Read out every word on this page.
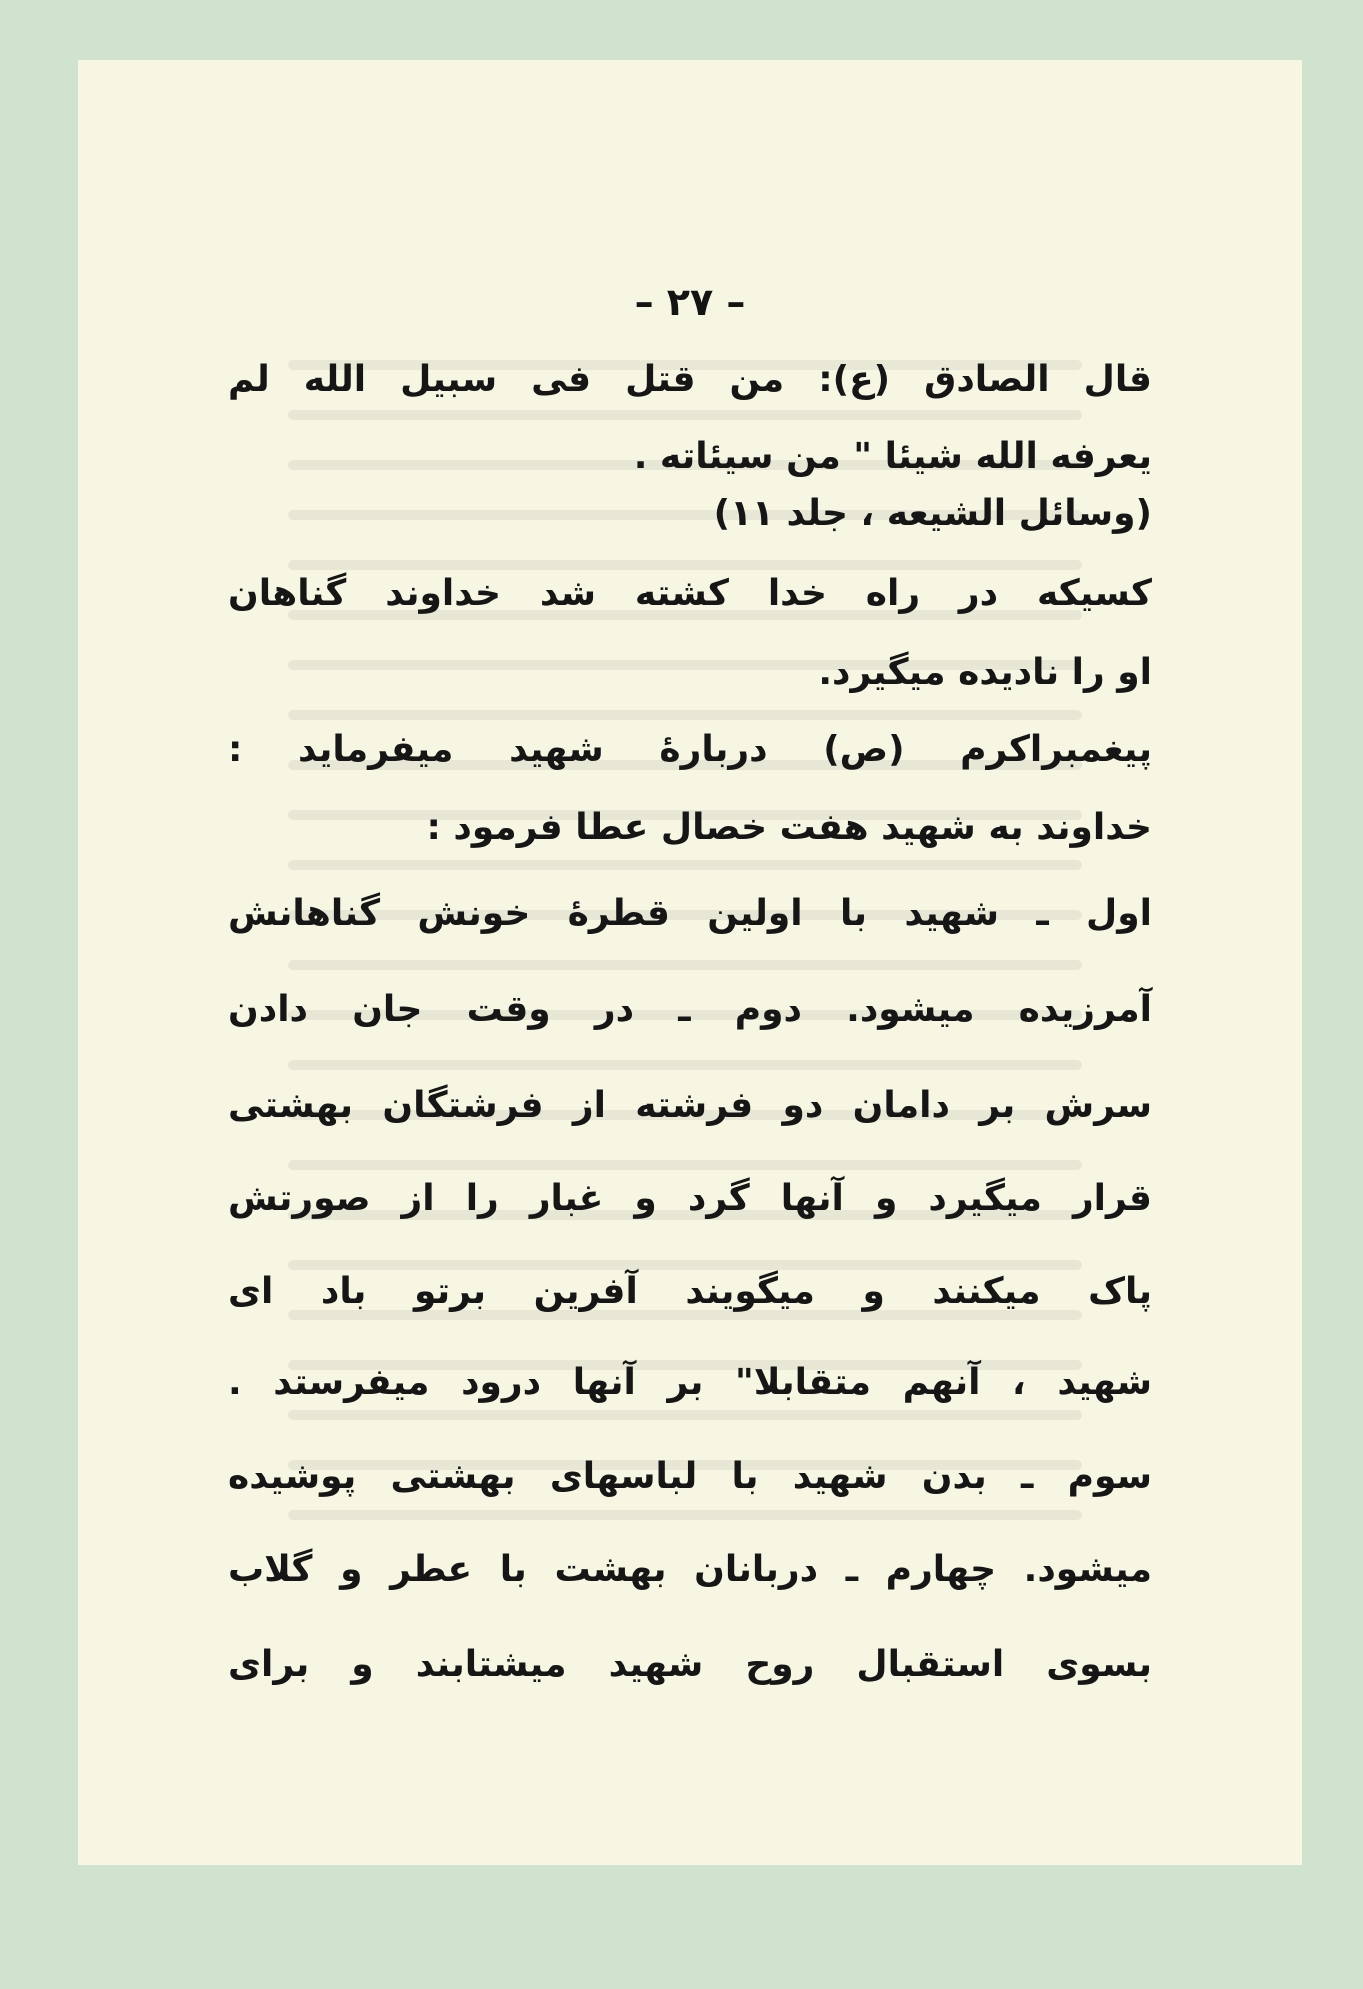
– ٢٧ –
قال الصادق (ع): من قتل فی سبیل الله لم
یعرفه الله شیئا " من سیئاته .
(وسائل الشیعه ، جلد ١١)
کسیکه در راه خدا کشته شد خداوند گناهان
او را نادیده میگیرد.
پیغمبراکرم (ص) دربارهٔ شهید میفرماید :
خداوند به شهید هفت خصال عطا فرمود :
اول ـ شهید با اولین قطرهٔ خونش گناهانش
آمرزیده میشود. دوم ـ در وقت جان دادن
سرش بر دامان دو فرشته از فرشتگان بهشتی
قرار میگیرد و آنها گرد و غبار را از صورتش
پاک میکنند و میگویند آفرین برتو باد ای
شهید ، آنهم متقابلا" بر آنها درود میفرستد .
سوم ـ بدن شهید با لباسهای بهشتی پوشیده
میشود. چهارم ـ دربانان بهشت با عطر و گلاب
بسوی استقبال روح شهید میشتابند و برای
